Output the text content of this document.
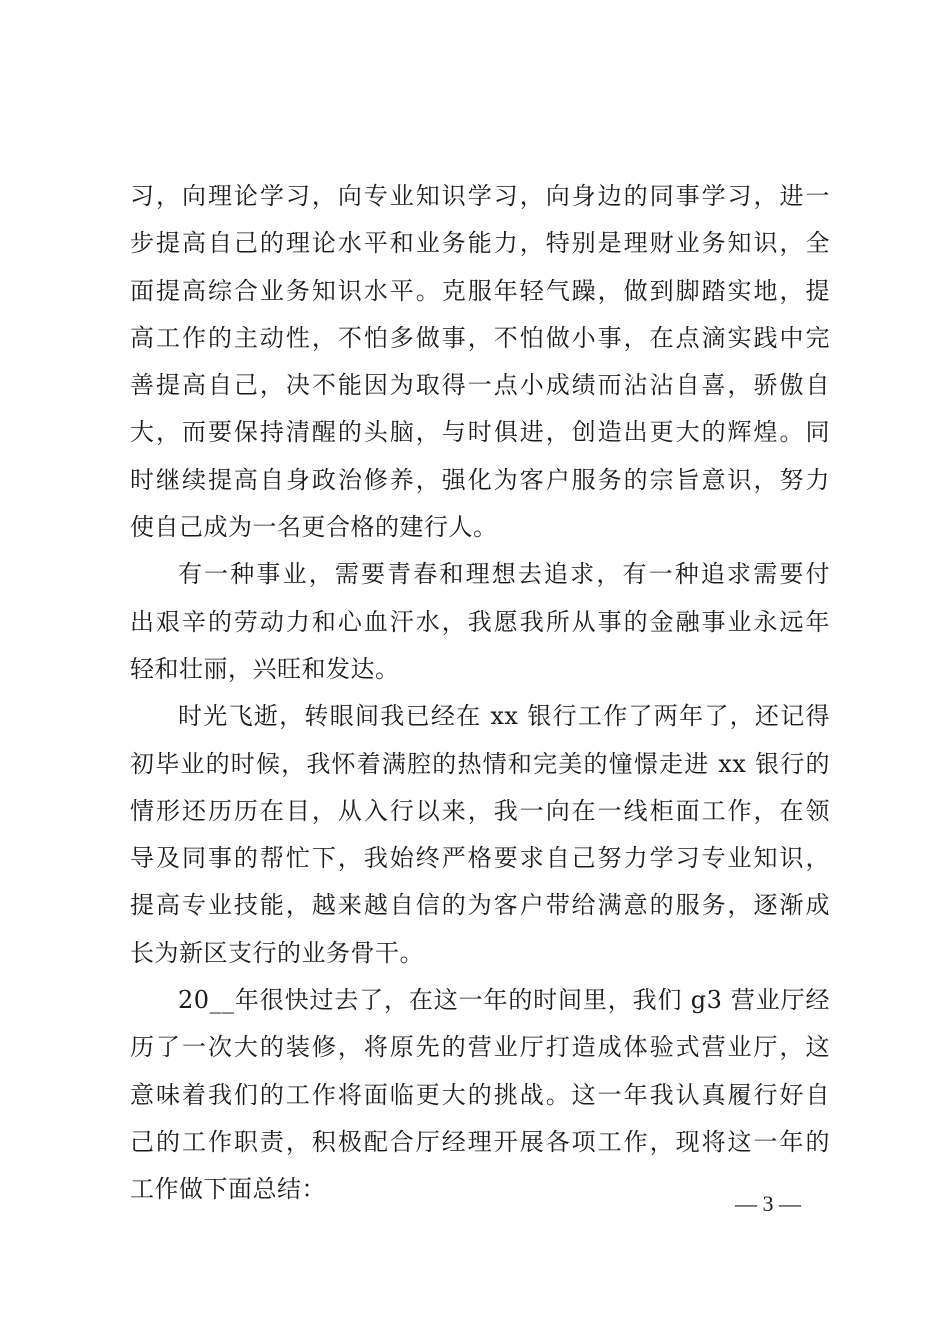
习，向理论学习，向专业知识学习，向身边的同事学习，进一
步提高自己的理论水平和业务能力，特别是理财业务知识，全
面提高综合业务知识水平。克服年轻气躁，做到脚踏实地，提
高工作的主动性，不怕多做事，不怕做小事，在点滴实践中完
善提高自己，决不能因为取得一点小成绩而沾沾自喜，骄傲自
大，而要保持清醒的头脑，与时俱进，创造出更大的辉煌。同
时继续提高自身政治修养，强化为客户服务的宗旨意识，努力
使自己成为一名更合格的建行人。
有一种事业，需要青春和理想去追求，有一种追求需要付
出艰辛的劳动力和心血汗水，我愿我所从事的金融事业永远年
轻和壮丽，兴旺和发达。
时光飞逝，转眼间我已经在 xx 银行工作了两年了，还记得
初毕业的时候，我怀着满腔的热情和完美的憧憬走进 xx 银行的
情形还历历在目，从入行以来，我一向在一线柜面工作，在领
导及同事的帮忙下，我始终严格要求自己努力学习专业知识，
提高专业技能，越来越自信的为客户带给满意的服务，逐渐成
长为新区支行的业务骨干。
20__年很快过去了，在这一年的时间里，我们 g3 营业厅经
历了一次大的装修，将原先的营业厅打造成体验式营业厅，这
意味着我们的工作将面临更大的挑战。这一年我认真履行好自
己的工作职责，积极配合厅经理开展各项工作，现将这一年的
工作做下面总结：
— 3 —
